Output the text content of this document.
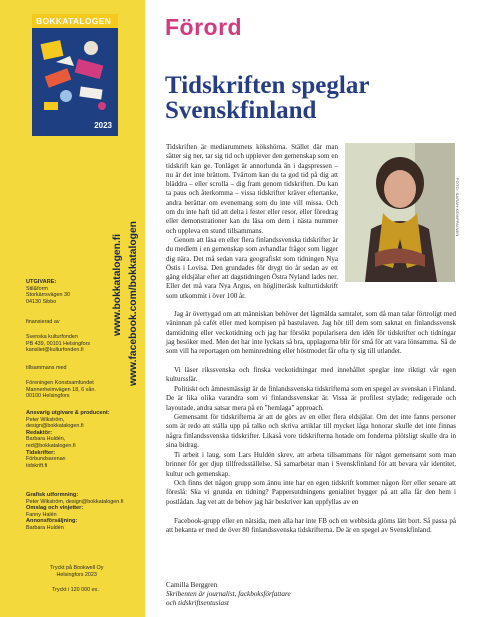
BOKKATALOGEN
2023
www.bokkatalogen.fi www.facebook.com/bokkatalogen
UTGIVARE:
Stil&form
Storkärrsvägen 30
04130 Sibbo
finansierad av
Svenska kulturfonden
PB 439, 00101 Helsingfors
kansliet@kulturfonden.fi
tillsammans med
Föreningen Konstsamfundet
Mannerheimvägen 18, 6 vån.
00100 Helsingfors
Ansvarig utgivare & producent:
Peter Wikström,
design@bokkatalogen.fi
Redaktör:
Barbara Huldén,
red@bokkatalogen.fi
Tidskrifter:
Förbundsarenan
tidskrift.fi
Grafisk utformning:
Peter Wikström, design@bokkatalogen.fi
Omslag och vinjetter:
Fanny Halén
Annonsförsäljning:
Barbara Huldén
Tryckt på Bookwell Oy
Helsingfors 2023
Tryckt i 120 000 ex.
Förord
Tidskriften speglar
Svenskfinland
FOTO: SARAH KEMPPAINEN
Tidskriften är mediarummets kökshörna. Stället där man sätter sig ner, tar sig tid och upplever den gemenskap som en tidskrift kan ge. Tonläget är annorlunda än i dagspressen – nu är det inte brättom. Tvärtom kan du ta god tid på dig att bläddra – eller scrolla – dig fram genom tidskriften. Du kan ta paus och återkomma – vissa tidskrifter kräver eftertanke, andra berättar om evenemang som du inte vill missa. Och om du inte haft tid att delta i fester eller resor, eller föredrag eller demonstrationer kan du läsa om dem i nästa nummer och uppleva en stund tillsammans.
Genom att läsa en eller flera finlandssvenska tidskrifter är du medlem i en gemenskap som avhandlar frågor som ligger dig nära. Det må sedan vara geografiskt som tidningen Nya Östis i Lovisa. Den grundades för drygt tio år sedan av ett gäng eldsjälar efter att dagstidningen Östra Nyland lades ner. Eller det må vara Nya Argus, en höglitteräsk kulturtidskrift som utkommit i över 100 år.
Jag är övertygad om att människan behöver det lågmälda samtalet, som då man talar förtroligt med väninnan på cafét eller med kompisen på bastulaven. Jag hör till dem som saknat en finlandssvensk damtidning eller veckotidning och jag har försökt popularisera den idén för tidskrifter och tidningar jag besöker med. Men det har inte lyckats så bra, upplagorna blir för små för att vara lönsamma. Så de som vill ha reportagen om heminredning eller höstmodet får ofta ty sig till utlandet.
Vi läser rikssvenska och finska veckotidningar med innehållet speglar inte riktigt vår egen kulturssfär.
Politiskt och åmnesmässigt är de finlandssvenska tidskrifterna som en spegel av svenskan i Finland. De är lika olika varandra som vi finlandssvenskar är. Vissa är profilest stylade; redigerade och layoutade, andra satsar mera på en "hemlaga" approach.
Gemensamt för tidskrifterna är att de görs av en eller flera eldsjälar. Om det inte fanns personer som är redo att ställa upp på talko och skriva artiklar till mycket låga honorar skulle det inte finnas några finlandssvenska tidskrifter. Likaså vore tidskrifterna hotade om fonderna plötsligt skulle dra in sina bidrag.
Ti arbeit i laug, som Lars Huldén skrev, att arbeta tillsammans för något gemensamt som man brinner för ger djup tillfredsställelse. Så samarbetar man i Svenskfinland för att bevara vår identitet, kultur och gemenskap.
Och finns det någon grupp som ännu inte har en egen tidskrift kommer någon förr eller senare att föreslå: Ska vi grunda en tidning? Pappersutdningens genialitet bygger på att alla får den hem i postlådan. Jag vet att de behov jag här beskriver kan uppfyllas av en
Facebook-grupp eller en nätsida, men alla har inte FB och en webbsida glöms lätt bort. Så passa på att bekanta er med de över 80 finlandssvenska tidskrifterna. De är en spegel av Svenskfinland.
Camilla Berggren
Skribenten är journalist, fackboksförfattare
och tidskriftsentusiast
